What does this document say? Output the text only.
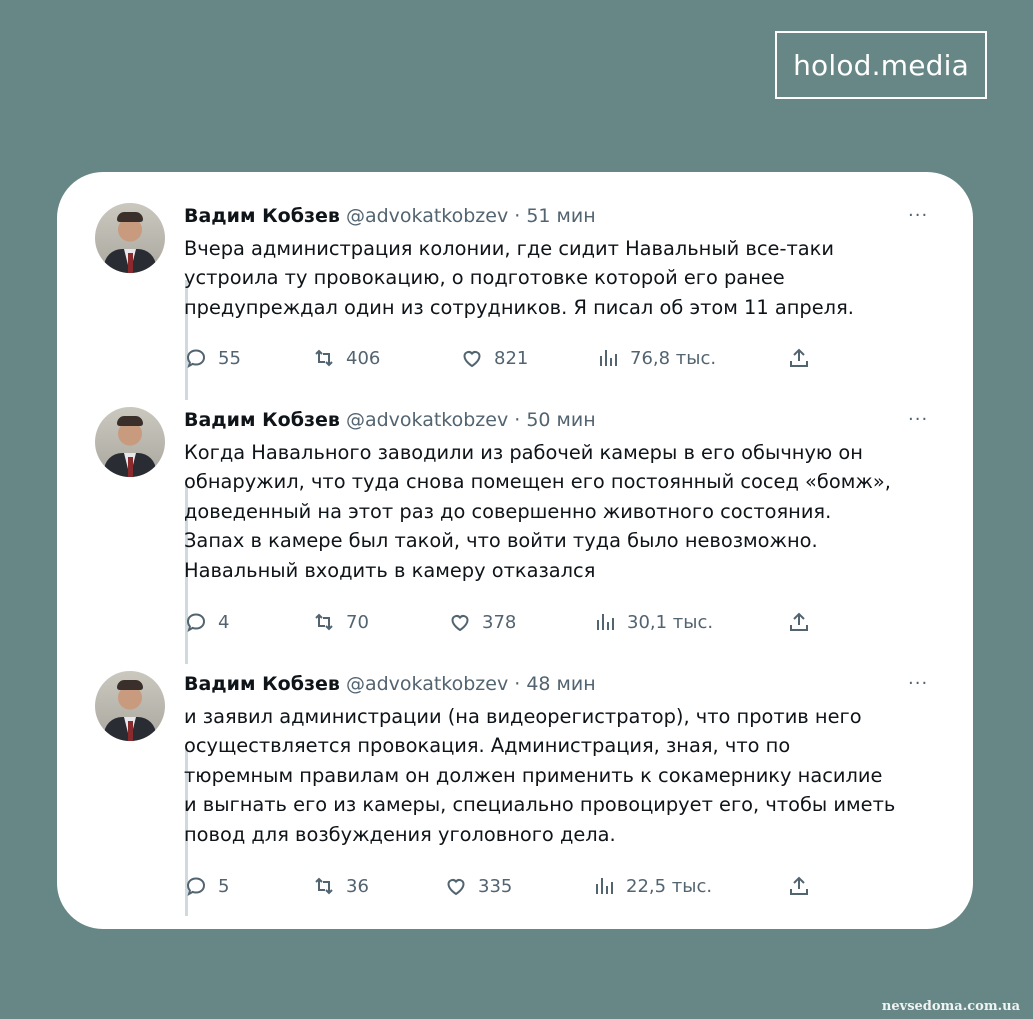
holod.media
Вадим Кобзев @advokatkobzev · 51 мин	···
Вчера администрация колонии, где сидит Навальный все-таки
устроила ту провокацию, о подготовке которой его ранее
предупреждал один из сотрудников. Я писал об этом 11 апреля.
55	406	821	76,8 тыс.
Вадим Кобзев @advokatkobzev · 50 мин	···
Когда Навального заводили из рабочей камеры в его обычную он
обнаружил, что туда снова помещен его постоянный сосед «бомж»,
доведенный на этот раз до совершенно животного состояния.
Запах в камере был такой, что войти туда было невозможно.
Навальный входить в камеру отказался
4	70	378	30,1 тыс.
Вадим Кобзев @advokatkobzev · 48 мин	···
и заявил администрации (на видеорегистратор), что против него
осуществляется провокация. Администрация, зная, что по
тюремным правилам он должен применить к сокамернику насилие
и выгнать его из камеры, специально провоцирует его, чтобы иметь
повод для возбуждения уголовного дела.
5	36	335	22,5 тыс.
nevsedoma.com.ua
